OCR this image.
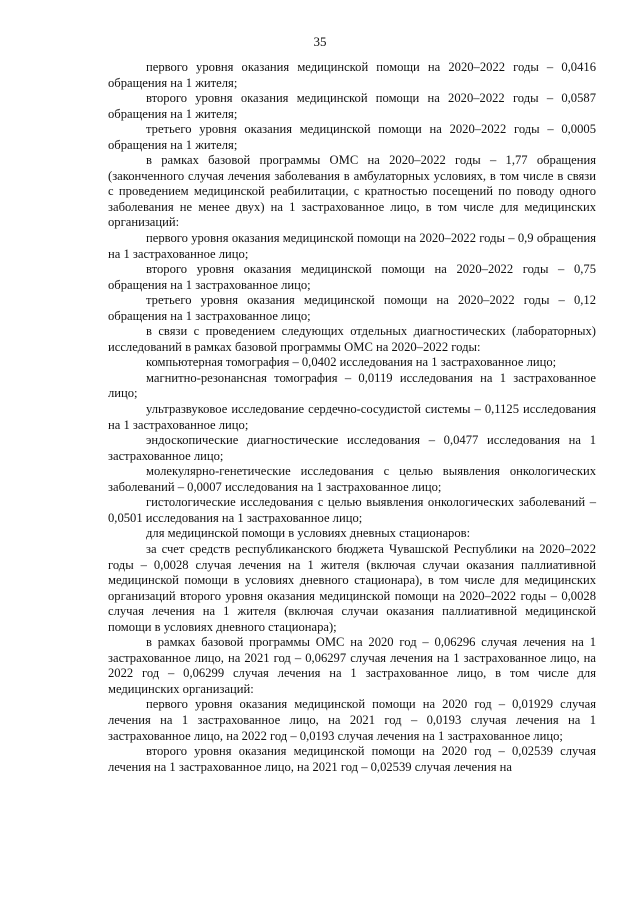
35

первого уровня оказания медицинской помощи на 2020–2022 годы – 0,0416 обращения на 1 жителя;

второго уровня оказания медицинской помощи на 2020–2022 годы – 0,0587 обращения на 1 жителя;

третьего уровня оказания медицинской помощи на 2020–2022 годы – 0,0005 обращения на 1 жителя;

в рамках базовой программы ОМС на 2020–2022 годы – 1,77 обращения (законченного случая лечения заболевания в амбулаторных условиях, в том числе в связи с проведением медицинской реабилитации, с кратностью посещений по поводу одного заболевания не менее двух) на 1 застрахованное лицо, в том числе для медицинских организаций:

первого уровня оказания медицинской помощи на 2020–2022 годы – 0,9 обращения на 1 застрахованное лицо;

второго уровня оказания медицинской помощи на 2020–2022 годы – 0,75 обращения на 1 застрахованное лицо;

третьего уровня оказания медицинской помощи на 2020–2022 годы – 0,12 обращения на 1 застрахованное лицо;

в связи с проведением следующих отдельных диагностических (лабораторных) исследований в рамках базовой программы ОМС на 2020–2022 годы:

компьютерная томография – 0,0402 исследования на 1 застрахованное лицо;

магнитно-резонансная томография – 0,0119 исследования на 1 застрахованное лицо;

ультразвуковое исследование сердечно-сосудистой системы – 0,1125 исследования на 1 застрахованное лицо;

эндоскопические диагностические исследования – 0,0477 исследования на 1 застрахованное лицо;

молекулярно-генетические исследования с целью выявления онкологических заболеваний – 0,0007 исследования на 1 застрахованное лицо;

гистологические исследования с целью выявления онкологических заболеваний – 0,0501 исследования на 1 застрахованное лицо;

для медицинской помощи в условиях дневных стационаров:

за счет средств республиканского бюджета Чувашской Республики на 2020–2022 годы – 0,0028 случая лечения на 1 жителя (включая случаи оказания паллиативной медицинской помощи в условиях дневного стационара), в том числе для медицинских организаций второго уровня оказания медицинской помощи на 2020–2022 годы – 0,0028 случая лечения на 1 жителя (включая случаи оказания паллиативной медицинской помощи в условиях дневного стационара);

в рамках базовой программы ОМС на 2020 год – 0,06296 случая лечения на 1 застрахованное лицо, на 2021 год – 0,06297 случая лечения на 1 застрахованное лицо, на 2022 год – 0,06299 случая лечения на 1 застрахованное лицо, в том числе для медицинских организаций:

первого уровня оказания медицинской помощи на 2020 год – 0,01929 случая лечения на 1 застрахованное лицо, на 2021 год – 0,0193 случая лечения на 1 застрахованное лицо, на 2022 год – 0,0193 случая лечения на 1 застрахованное лицо;

второго уровня оказания медицинской помощи на 2020 год – 0,02539 случая лечения на 1 застрахованное лицо, на 2021 год – 0,02539 случая лечения на
